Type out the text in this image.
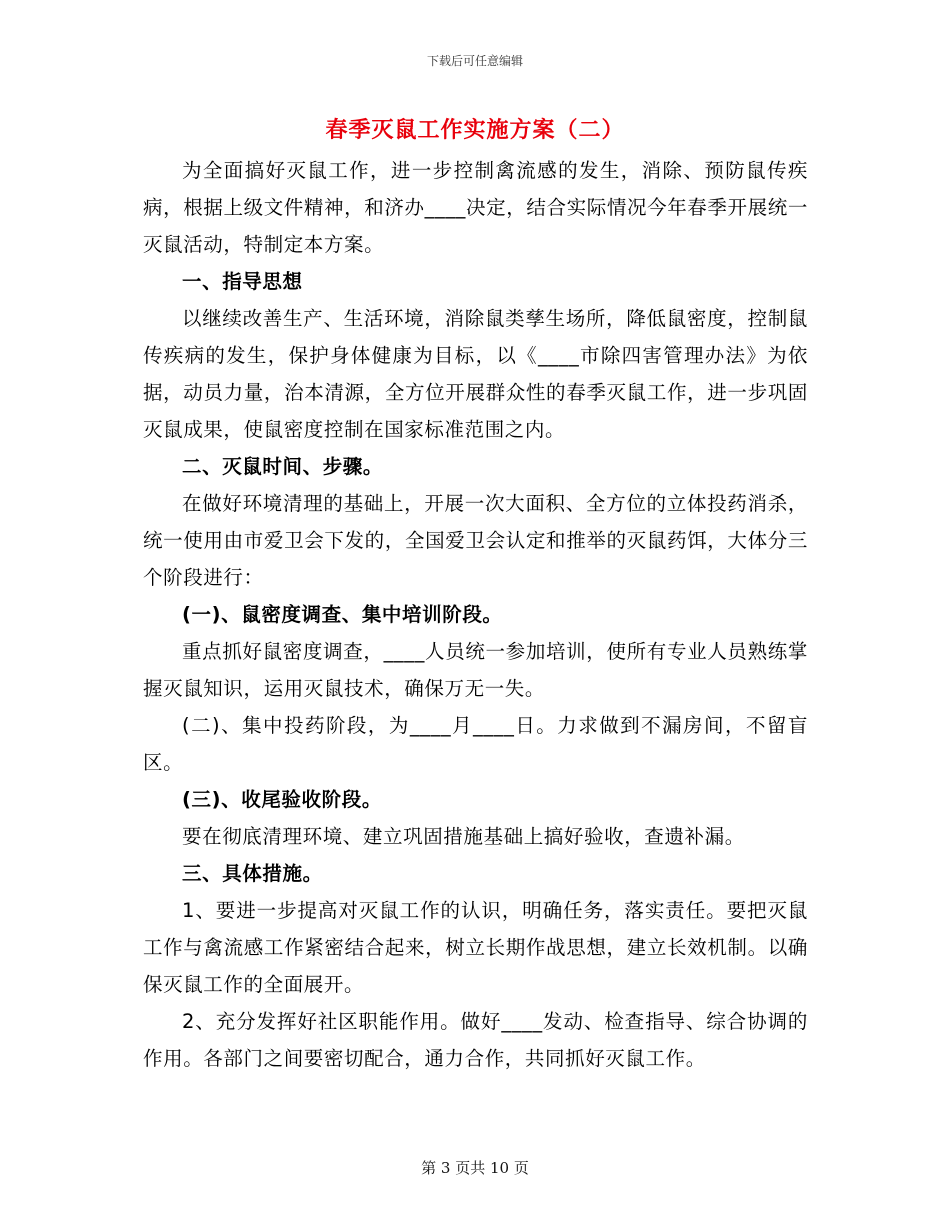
下载后可任意编辑
春季灭鼠工作实施方案（二）

为全面搞好灭鼠工作，进一步控制禽流感的发生，消除、预防鼠传疾病，根据上级文件精神，和济办____决定，结合实际情况今年春季开展统一灭鼠活动，特制定本方案。

一、指导思想

以继续改善生产、生活环境，消除鼠类孳生场所，降低鼠密度，控制鼠传疾病的发生，保护身体健康为目标，以《____市除四害管理办法》为依据，动员力量，治本清源，全方位开展群众性的春季灭鼠工作，进一步巩固灭鼠成果，使鼠密度控制在国家标准范围之内。

二、灭鼠时间、步骤。

在做好环境清理的基础上，开展一次大面积、全方位的立体投药消杀，统一使用由市爱卫会下发的，全国爱卫会认定和推举的灭鼠药饵，大体分三个阶段进行：

(一)、鼠密度调查、集中培训阶段。

重点抓好鼠密度调查，____人员统一参加培训，使所有专业人员熟练掌握灭鼠知识，运用灭鼠技术，确保万无一失。

(二)、集中投药阶段，为____月____日。力求做到不漏房间，不留盲区。

(三)、收尾验收阶段。

要在彻底清理环境、建立巩固措施基础上搞好验收，查遗补漏。

三、具体措施。

1、要进一步提高对灭鼠工作的认识，明确任务，落实责任。要把灭鼠工作与禽流感工作紧密结合起来，树立长期作战思想，建立长效机制。以确保灭鼠工作的全面展开。

2、充分发挥好社区职能作用。做好____发动、检查指导、综合协调的作用。各部门之间要密切配合，通力合作，共同抓好灭鼠工作。

第 3 页共 10 页
